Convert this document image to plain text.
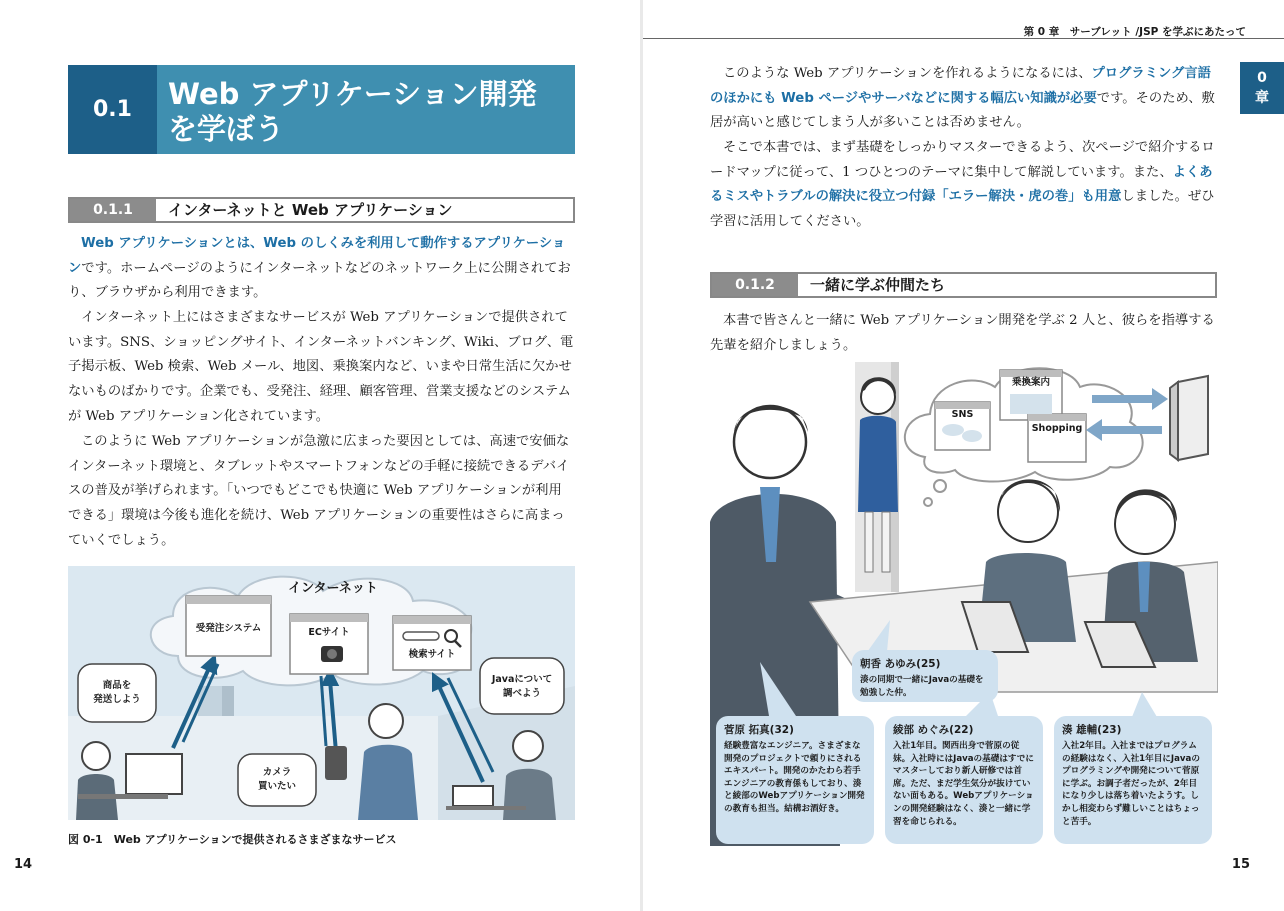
0.1	Web アプリケーション開発
を学ぼう
0.1.1	インターネットと Web アプリケーション

Web アプリケーションとは、Web のしくみを利用して動作するアプリケーションです。ホームページのようにインターネットなどのネットワーク上に公開されており、ブラウザから利用できます。

インターネット上にはさまざまなサービスが Web アプリケーションで提供されています。SNS、ショッピングサイト、インターネットバンキング、Wiki、ブログ、電子掲示板、Web 検索、Web メール、地図、乗換案内など、いまや日常生活に欠かせないものばかりです。企業でも、受発注、経理、顧客管理、営業支援などのシステムが Web アプリケーション化されています。

このように Web アプリケーションが急激に広まった要因としては、高速で安価なインターネット環境と、タブレットやスマートフォンなどの手軽に接続できるデバイスの普及が挙げられます。「いつでもどこでも快適に Web アプリケーションが利用できる」環境は今後も進化を続け、Web アプリケーションの重要性はさらに高まっていくでしょう。

インターネット
受発注システム	ECサイト
検索サイト
商品を
発送しよう
カメラ
買いたい
Javaについて
調べよう
図 0-1　Web アプリケーションで提供されるさまざまなサービス
14
第 0 章　サーブレット /JSP を学ぶにあたって
0
章

このような Web アプリケーションを作れるようになるには、プログラミング言語のほかにも Web ページやサーバなどに関する幅広い知識が必要です。そのため、敷居が高いと感じてしまう人が多いことは否めません。

そこで本書では、まず基礎をしっかりマスターできるよう、次ページで紹介するロードマップに従って、1 つひとつのテーマに集中して解説しています。また、よくあるミスやトラブルの解決に役立つ付録「エラー解決・虎の巻」も用意しました。ぜひ学習に活用してください。

0.1.2	一緒に学ぶ仲間たち

本書で皆さんと一緒に Web アプリケーション開発を学ぶ 2 人と、彼らを指導する先輩を紹介しましょう。

乗換案内
SNS
Shopping
朝香 あゆみ(25)
湊の同期で一緒にJavaの基礎を勉強した仲。
菅原 拓真(32)
経験豊富なエンジニア。さまざまな開発のプロジェクトで頼りにされるエキスパート。開発のかたわら若手エンジニアの教育係もしており、湊と綾部のWebアプリケーション開発の教育も担当。結構お酒好き。
綾部 めぐみ(22)
入社1年目。関西出身で菅原の従妹。入社時にはJavaの基礎はすでにマスターしており新人研修では首席。ただ、まだ学生気分が抜けていない面もある。Webアプリケーションの開発経験はなく、湊と一緒に学習を命じられる。
湊 雄輔(23)
入社2年目。入社まではプログラムの経験はなく、入社1年目にJavaのプログラミングや開発について菅原に学ぶ。お調子者だったが、2年目になり少しは落ち着いたようす。しかし相変わらず難しいことはちょっと苦手。
15
